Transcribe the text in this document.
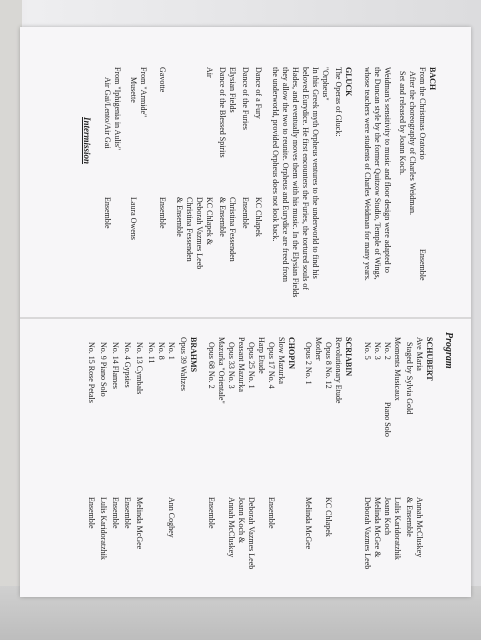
BACH
From the Christmas Oratorio
After the choreography of Charles Weidman.
Set and released by Joann Koch.
Ensemble
Weidman's sensitivity to music and floor design were adapted to
the Duncan style by the former Quitzow Studio, Temple of Wings,
whose teachers were students of Charles Weidman for many years.
GLUCK
The Operas of Gluck:
"Orpheus"
In this Greek myth Orpheus ventures to the underworld to find his
beloved Eurydice. He first encounters the Furies, the tortured souls of
Hades, and eventually moves them with his music. In the Elysian Fields
they allow the two to reunite. Orpheus and Eurydice are freed from
the underworld, provided Orpheus does not look back.
Dance of a Fury
KC Chlapek
Dance of the Furies
Ensemble
Elysian Fields
Christina Fessenden
Dance of the Blessed Spirits
& Ensemble
Air
KC Chlapek &
Deborah Vazmes Leeb
Christina Fessenden
& Ensemble
Gavotte
Ensemble
From "Armide"
Musette
Laura Owens
From "Iphigenia in Aulis"
Air Gai/Lento/Air Gai
Ensemble
Intermission
Program
SCHUBERT
Ave Maria
Staged by Sylvia Gold
Moments Musicaux
No. 2
Piano Solo
Annah McCluskey
& Ensemble
No. 3
No. 5
Lulis Karidoratzhik
Joann Koch
Melinda McGee &
Deborah Vazmes Leeb
SCRIABIN
Revolutionary Etude
Opus 8 No. 12
KC Chlapek
Mother
Opus 2 No. 1
Melinda McGee
CHOPIN
Slow Mazurka
Opus 17 No. 4
Ensemble
Harp Etude
Opus 25 No. 1
Deborah Vazmes Leeb
Peasant Mazurka
Joann Koch &
Opus 33 No. 3
Annah McCluskey
Mazurka "Orientale"
Opus 68 No. 2
Ensemble
BRAHMS
Opus 39 Waltzes
No. 1
Ann Coghey
No. 8
No. 11
No. 13 Cymbals
Melinda McGee
No. 4 Gypsies
Ensemble
No. 14 Flames
Ensemble
No. 9 Piano Solo
Lulis Karidoratzhik
No. 15 Rose Petals
Ensemble
